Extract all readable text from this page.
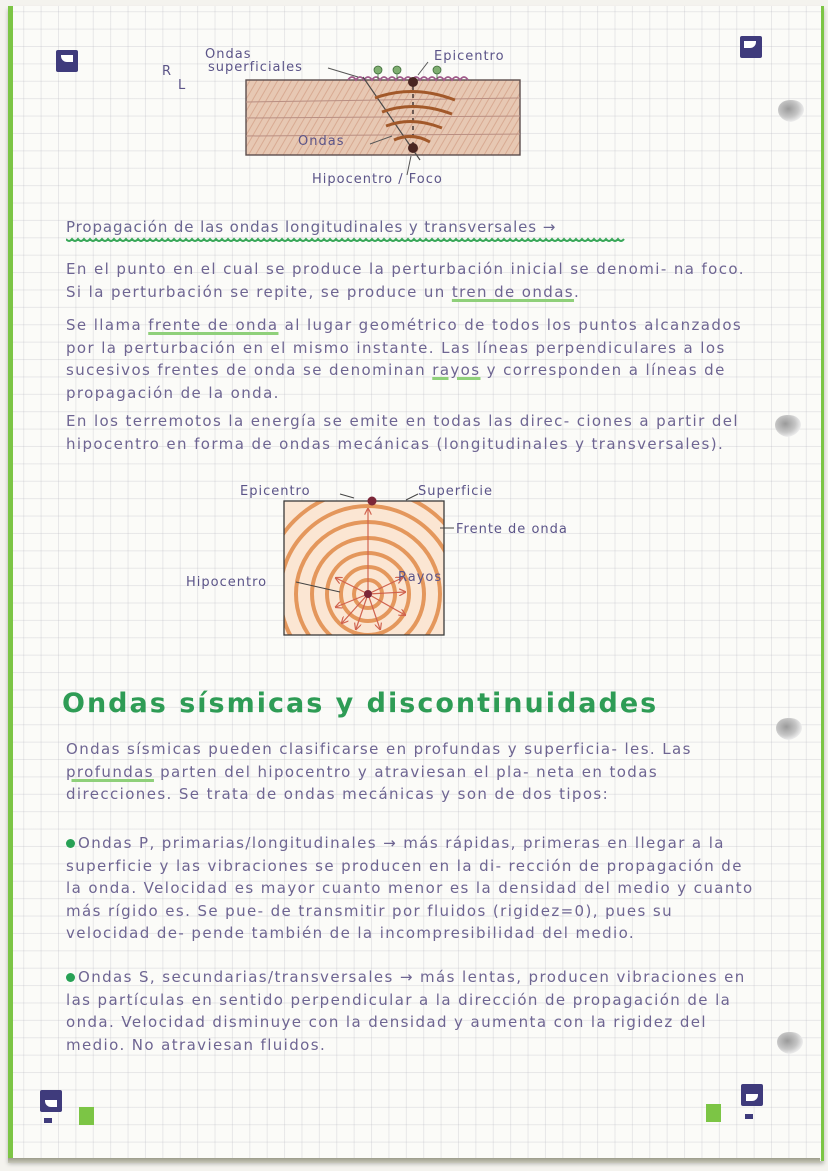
Ondas
superficiales
R
L
Epicentro
Ondas
Hipocentro / Foco
Propagación de las ondas longitudinales y transversales →
En el punto en el cual se produce la perturbación inicial se denomi- na foco. Si la perturbación se repite, se produce un tren de ondas.
Se llama frente de onda al lugar geométrico de todos los puntos alcanzados por la perturbación en el mismo instante. Las líneas perpendiculares a los sucesivos frentes de onda se denominan rayos y corresponden a líneas de propagación de la onda.
En los terremotos la energía se emite en todas las direc- ciones a partir del hipocentro en forma de ondas mecánicas (longitudinales y transversales).
Epicentro	Superficie
Frente de onda
Hipocentro	Rayos
Ondas sísmicas y discontinuidades
Ondas sísmicas pueden clasificarse en profundas y superficia- les. Las profundas parten del hipocentro y atraviesan el pla- neta en todas direcciones. Se trata de ondas mecánicas y son de dos tipos:
Ondas P, primarias/longitudinales → más rápidas, primeras en llegar a la superficie y las vibraciones se producen en la di- rección de propagación de la onda. Velocidad es mayor cuanto menor es la densidad del medio y cuanto más rígido es. Se pue- de transmitir por fluidos (rigidez=0), pues su velocidad de- pende también de la incompresibilidad del medio.
Ondas S, secundarias/transversales → más lentas, producen vibraciones en las partículas en sentido perpendicular a la dirección de propagación de la onda. Velocidad disminuye con la densidad y aumenta con la rigidez del medio. No atraviesan fluidos.
